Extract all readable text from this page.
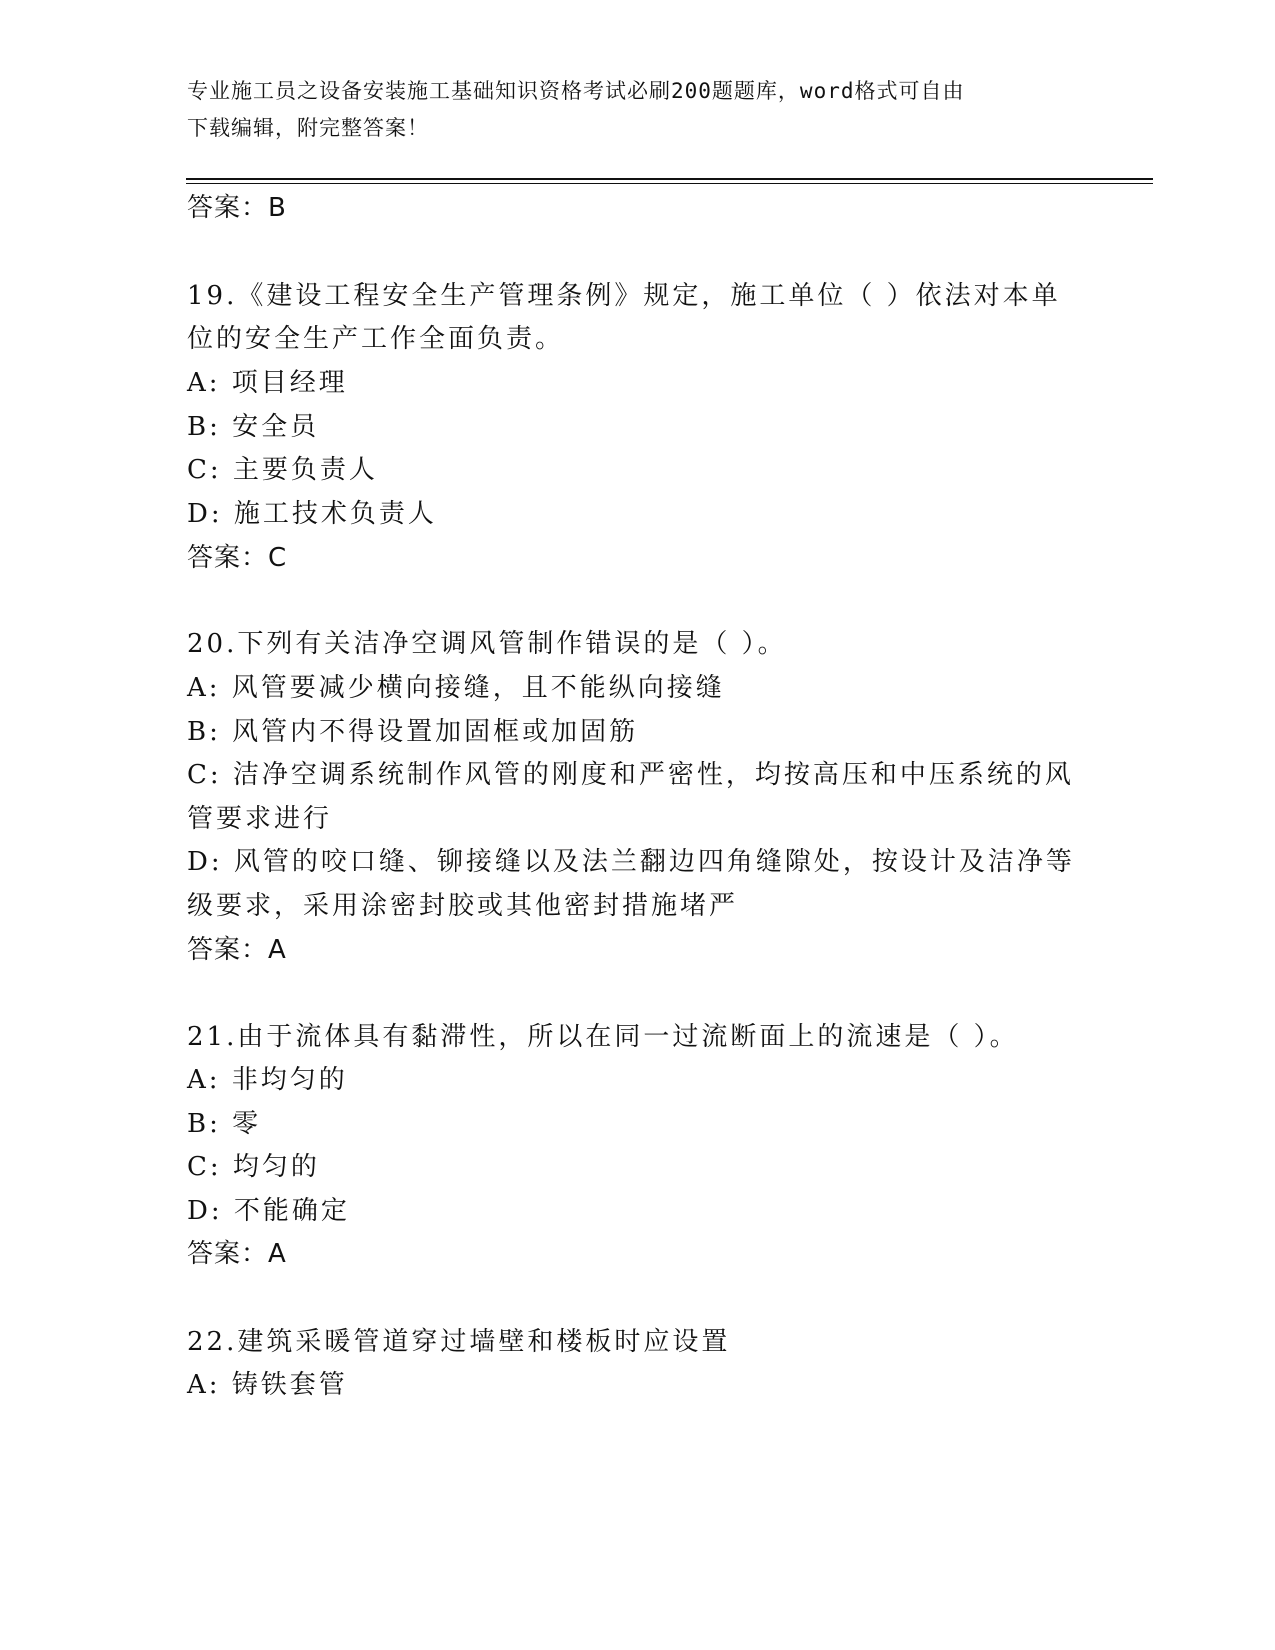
专业施工员之设备安装施工基础知识资格考试必刷200题题库，word格式可自由
下载编辑，附完整答案！
答案：B
19.《建设工程安全生产管理条例》规定，施工单位（ ）依法对本单
位的安全生产工作全面负责。
A: 项目经理
B: 安全员
C: 主要负责人
D: 施工技术负责人
答案：C
20.下列有关洁净空调风管制作错误的是（ ）。
A: 风管要减少横向接缝，且不能纵向接缝
B: 风管内不得设置加固框或加固筋
C: 洁净空调系统制作风管的刚度和严密性，均按高压和中压系统的风
管要求进行
D: 风管的咬口缝、铆接缝以及法兰翻边四角缝隙处，按设计及洁净等
级要求，采用涂密封胶或其他密封措施堵严
答案：A
21.由于流体具有黏滞性，所以在同一过流断面上的流速是（ ）。
A: 非均匀的
B: 零
C: 均匀的
D: 不能确定
答案：A
22.建筑采暖管道穿过墙壁和楼板时应设置
A: 铸铁套管
